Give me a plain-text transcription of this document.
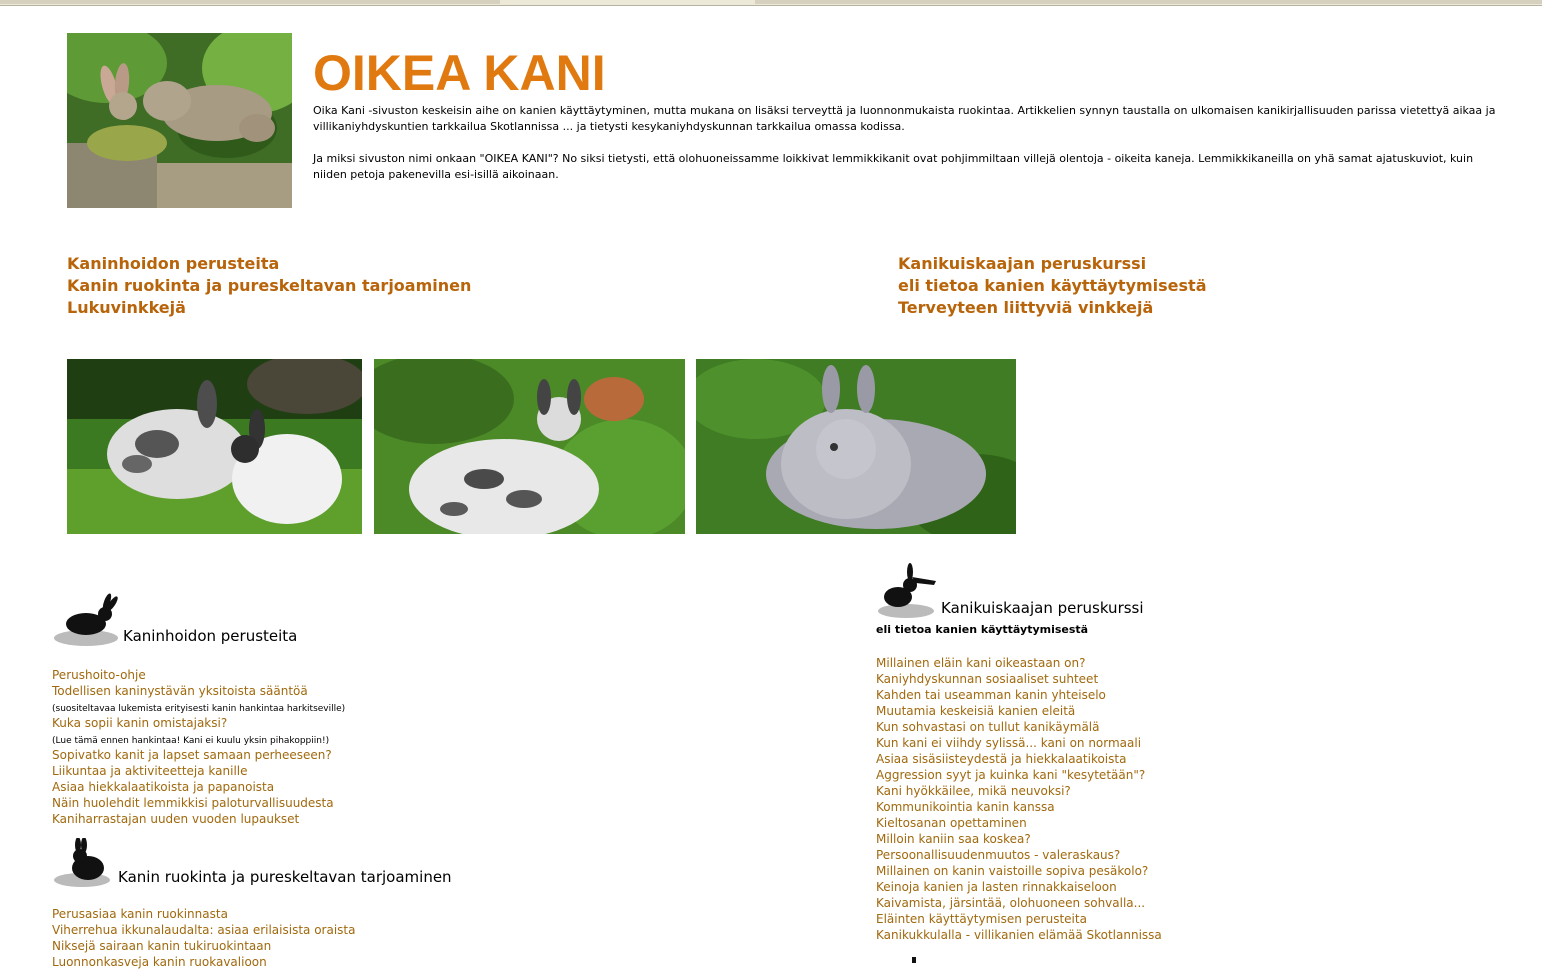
OIKEA KANI

Oika Kani -sivuston keskeisin aihe on kanien käyttäytyminen, mutta mukana on lisäksi terveyttä ja luonnonmukaista ruokintaa. Artikkelien synnyn taustalla on ulkomaisen kanikirjallisuuden parissa vietettyä aikaa ja villikaniyhdyskuntien tarkkailua Skotlannissa ... ja tietysti kesykaniyhdyskunnan tarkkailua omassa kodissa.

Ja miksi sivuston nimi onkaan "OIKEA KANI"? No siksi tietysti, että olohuoneissamme loikkivat lemmikkikanit ovat pohjimmiltaan villejä olentoja - oikeita kaneja. Lemmikkikaneilla on yhä samat ajatuskuviot, kuin niiden petoja pakenevilla esi-isillä aikoinaan.

Kaninhoidon perusteita
Kanin ruokinta ja pureskeltavan tarjoaminen
Lukuvinkkejä
Kanikuiskaajan peruskurssi
eli tietoa kanien käyttäytymisestä
Terveyteen liittyviä vinkkejä
Kaninhoidon perusteita
Perushoito-ohje
Todellisen kaninystävän yksitoista sääntöä
(suositeltavaa lukemista erityisesti kanin hankintaa harkitseville)
Kuka sopii kanin omistajaksi?
(Lue tämä ennen hankintaa! Kani ei kuulu yksin pihakoppiin!)
Sopivatko kanit ja lapset samaan perheeseen?
Liikuntaa ja aktiviteetteja kanille
Asiaa hiekkalaatikoista ja papanoista
Näin huolehdit lemmikkisi paloturvallisuudesta
Kaniharrastajan uuden vuoden lupaukset
Kanin ruokinta ja pureskeltavan tarjoaminen
Perusasiaa kanin ruokinnasta
Viherrehua ikkunalaudalta: asiaa erilaisista oraista
Niksejä sairaan kanin tukiruokintaan
Luonnonkasveja kanin ruokavalioon
Kanikuiskaajan peruskurssi
eli tietoa kanien käyttäytymisestä
Millainen eläin kani oikeastaan on?
Kaniyhdyskunnan sosiaaliset suhteet
Kahden tai useamman kanin yhteiselo
Muutamia keskeisiä kanien eleitä
Kun sohvastasi on tullut kanikäymälä
Kun kani ei viihdy sylissä... kani on normaali
Asiaa sisäsiisteydestä ja hiekkalaatikoista
Aggression syyt ja kuinka kani "kesytetään"?
Kani hyökkäilee, mikä neuvoksi?
Kommunikointia kanin kanssa
Kieltosanan opettaminen
Milloin kaniin saa koskea?
Persoonallisuudenmuutos - valeraskaus?
Millainen on kanin vaistoille sopiva pesäkolo?
Keinoja kanien ja lasten rinnakkaiseloon
Kaivamista, järsintää, olohuoneen sohvalla...
Eläinten käyttäytymisen perusteita
Kanikukkulalla - villikanien elämää Skotlannissa
